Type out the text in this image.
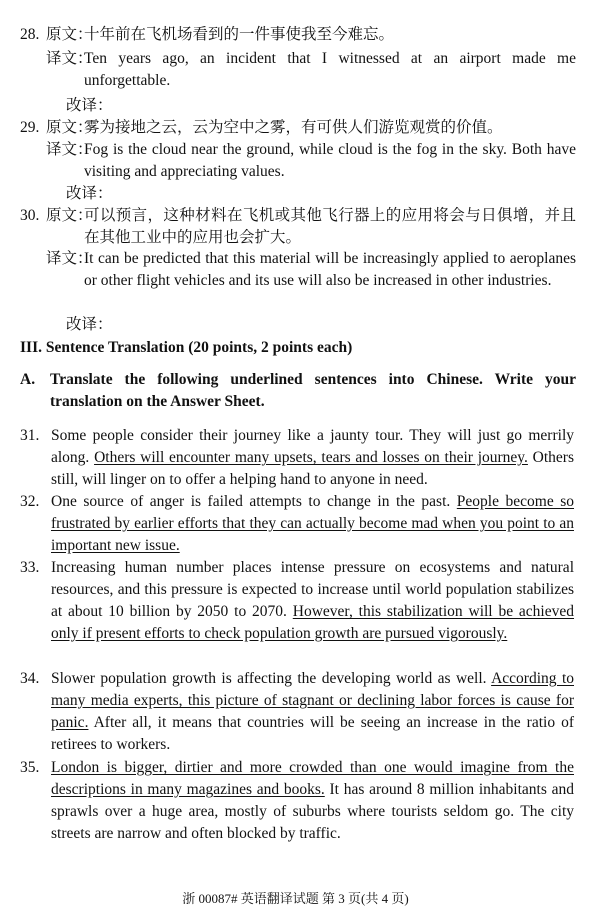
28. 原文：
十年前在飞机场看到的一件事使我至今难忘。
译文：
Ten years ago, an incident that I witnessed at an airport made me unforgettable.
改译：
29. 原文：
雾为接地之云，云为空中之雾，有可供人们游览观赏的价值。
译文：
Fog is the cloud near the ground, while cloud is the fog in the sky. Both have visiting and appreciating values.
改译：
30. 原文：
可以预言，这种材料在飞机或其他飞行器上的应用将会与日俱增，并且在其他工业中的应用也会扩大。
译文：
It can be predicted that this material will be increasingly applied to aeroplanes or other flight vehicles and its use will also be increased in other industries.
改译：
III. Sentence Translation (20 points, 2 points each)
A. Translate the following underlined sentences into Chinese. Write your translation on the Answer Sheet.
31. Some people consider their journey like a jaunty tour. They will just go merrily along. Others will encounter many upsets, tears and losses on their journey. Others still, will linger on to offer a helping hand to anyone in need.
32. One source of anger is failed attempts to change in the past. People become so frustrated by earlier efforts that they can actually become mad when you point to an important new issue.
33. Increasing human number places intense pressure on ecosystems and natural resources, and this pressure is expected to increase until world population stabilizes at about 10 billion by 2050 to 2070. However, this stabilization will be achieved only if present efforts to check population growth are pursued vigorously.
34. Slower population growth is affecting the developing world as well. According to many media experts, this picture of stagnant or declining labor forces is cause for panic. After all, it means that countries will be seeing an increase in the ratio of retirees to workers.
35. London is bigger, dirtier and more crowded than one would imagine from the descriptions in many magazines and books. It has around 8 million inhabitants and sprawls over a huge area, mostly of suburbs where tourists seldom go. The city streets are narrow and often blocked by traffic.
浙 00087# 英语翻译试题 第 3 页(共 4 页)
